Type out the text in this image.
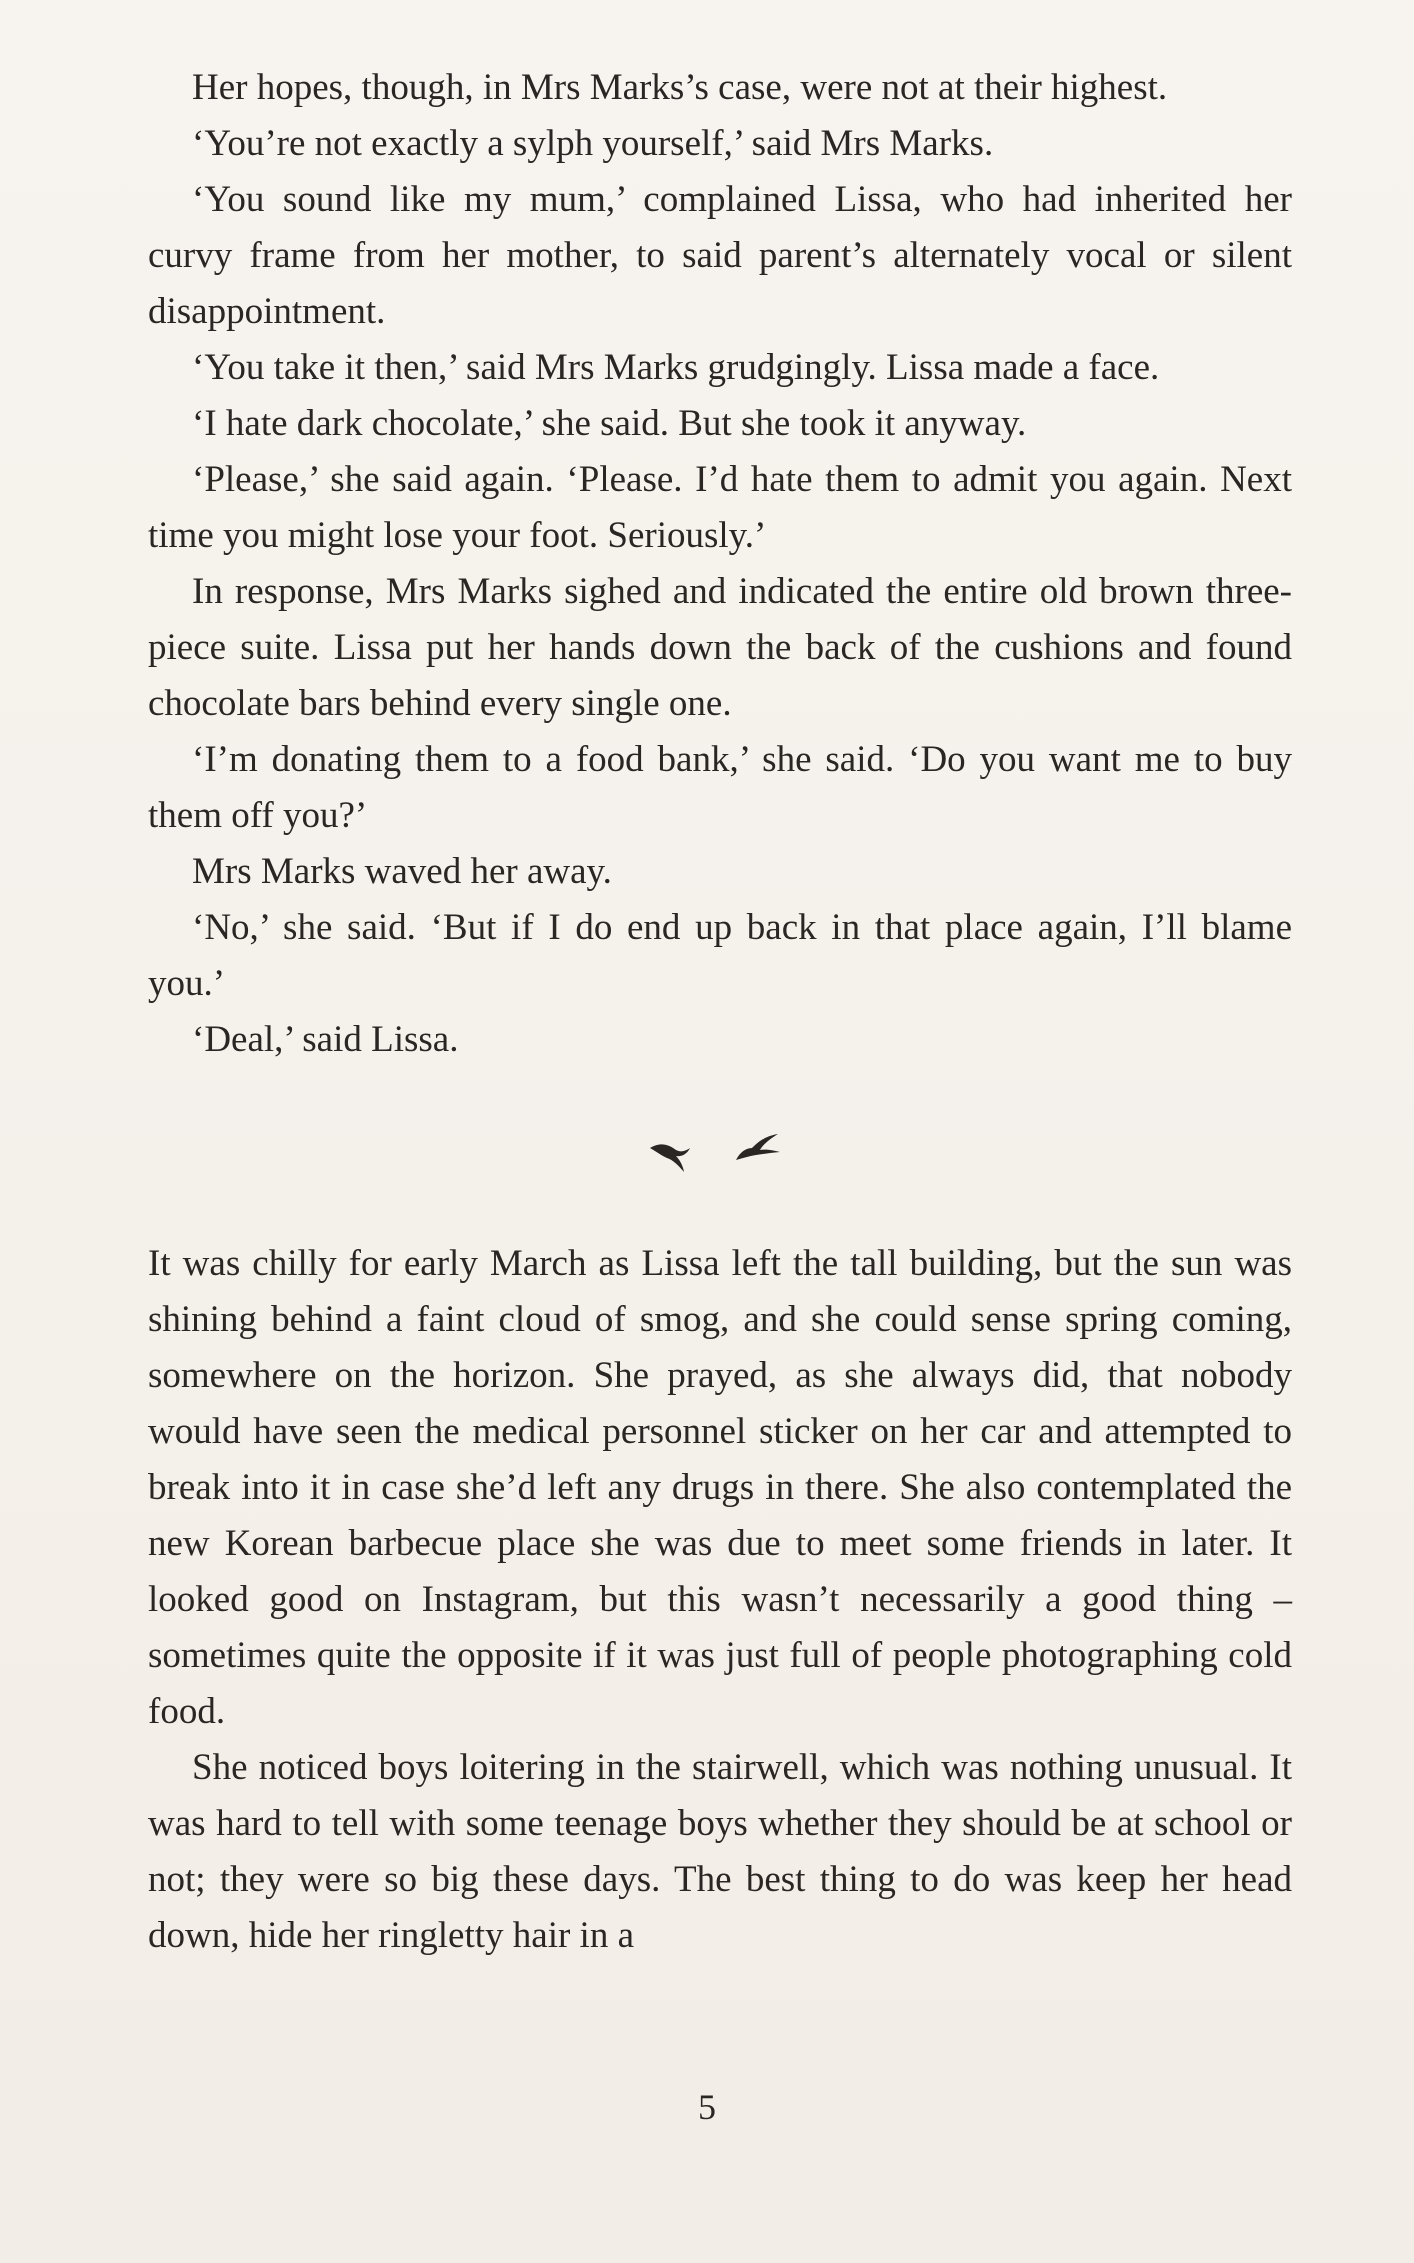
Her hopes, though, in Mrs Marks’s case, were not at their highest.

‘You’re not exactly a sylph yourself,’ said Mrs Marks.

‘You sound like my mum,’ complained Lissa, who had inherited her curvy frame from her mother, to said parent’s alternately vocal or silent disappointment.

‘You take it then,’ said Mrs Marks grudgingly. Lissa made a face.

‘I hate dark chocolate,’ she said. But she took it anyway.

‘Please,’ she said again. ‘Please. I’d hate them to admit you again. Next time you might lose your foot. Seriously.’

In response, Mrs Marks sighed and indicated the entire old brown three-piece suite. Lissa put her hands down the back of the cushions and found chocolate bars behind every single one.

‘I’m donating them to a food bank,’ she said. ‘Do you want me to buy them off you?’

Mrs Marks waved her away.

‘No,’ she said. ‘But if I do end up back in that place again, I’ll blame you.’

‘Deal,’ said Lissa.

It was chilly for early March as Lissa left the tall building, but the sun was shining behind a faint cloud of smog, and she could sense spring coming, somewhere on the horizon. She prayed, as she always did, that nobody would have seen the medical personnel sticker on her car and attempted to break into it in case she’d left any drugs in there. She also contemplated the new Korean barbecue place she was due to meet some friends in later. It looked good on Instagram, but this wasn’t necessarily a good thing – sometimes quite the opposite if it was just full of people photographing cold food.

She noticed boys loitering in the stairwell, which was nothing unusual. It was hard to tell with some teenage boys whether they should be at school or not; they were so big these days. The best thing to do was keep her head down, hide her ringletty hair in a

5
